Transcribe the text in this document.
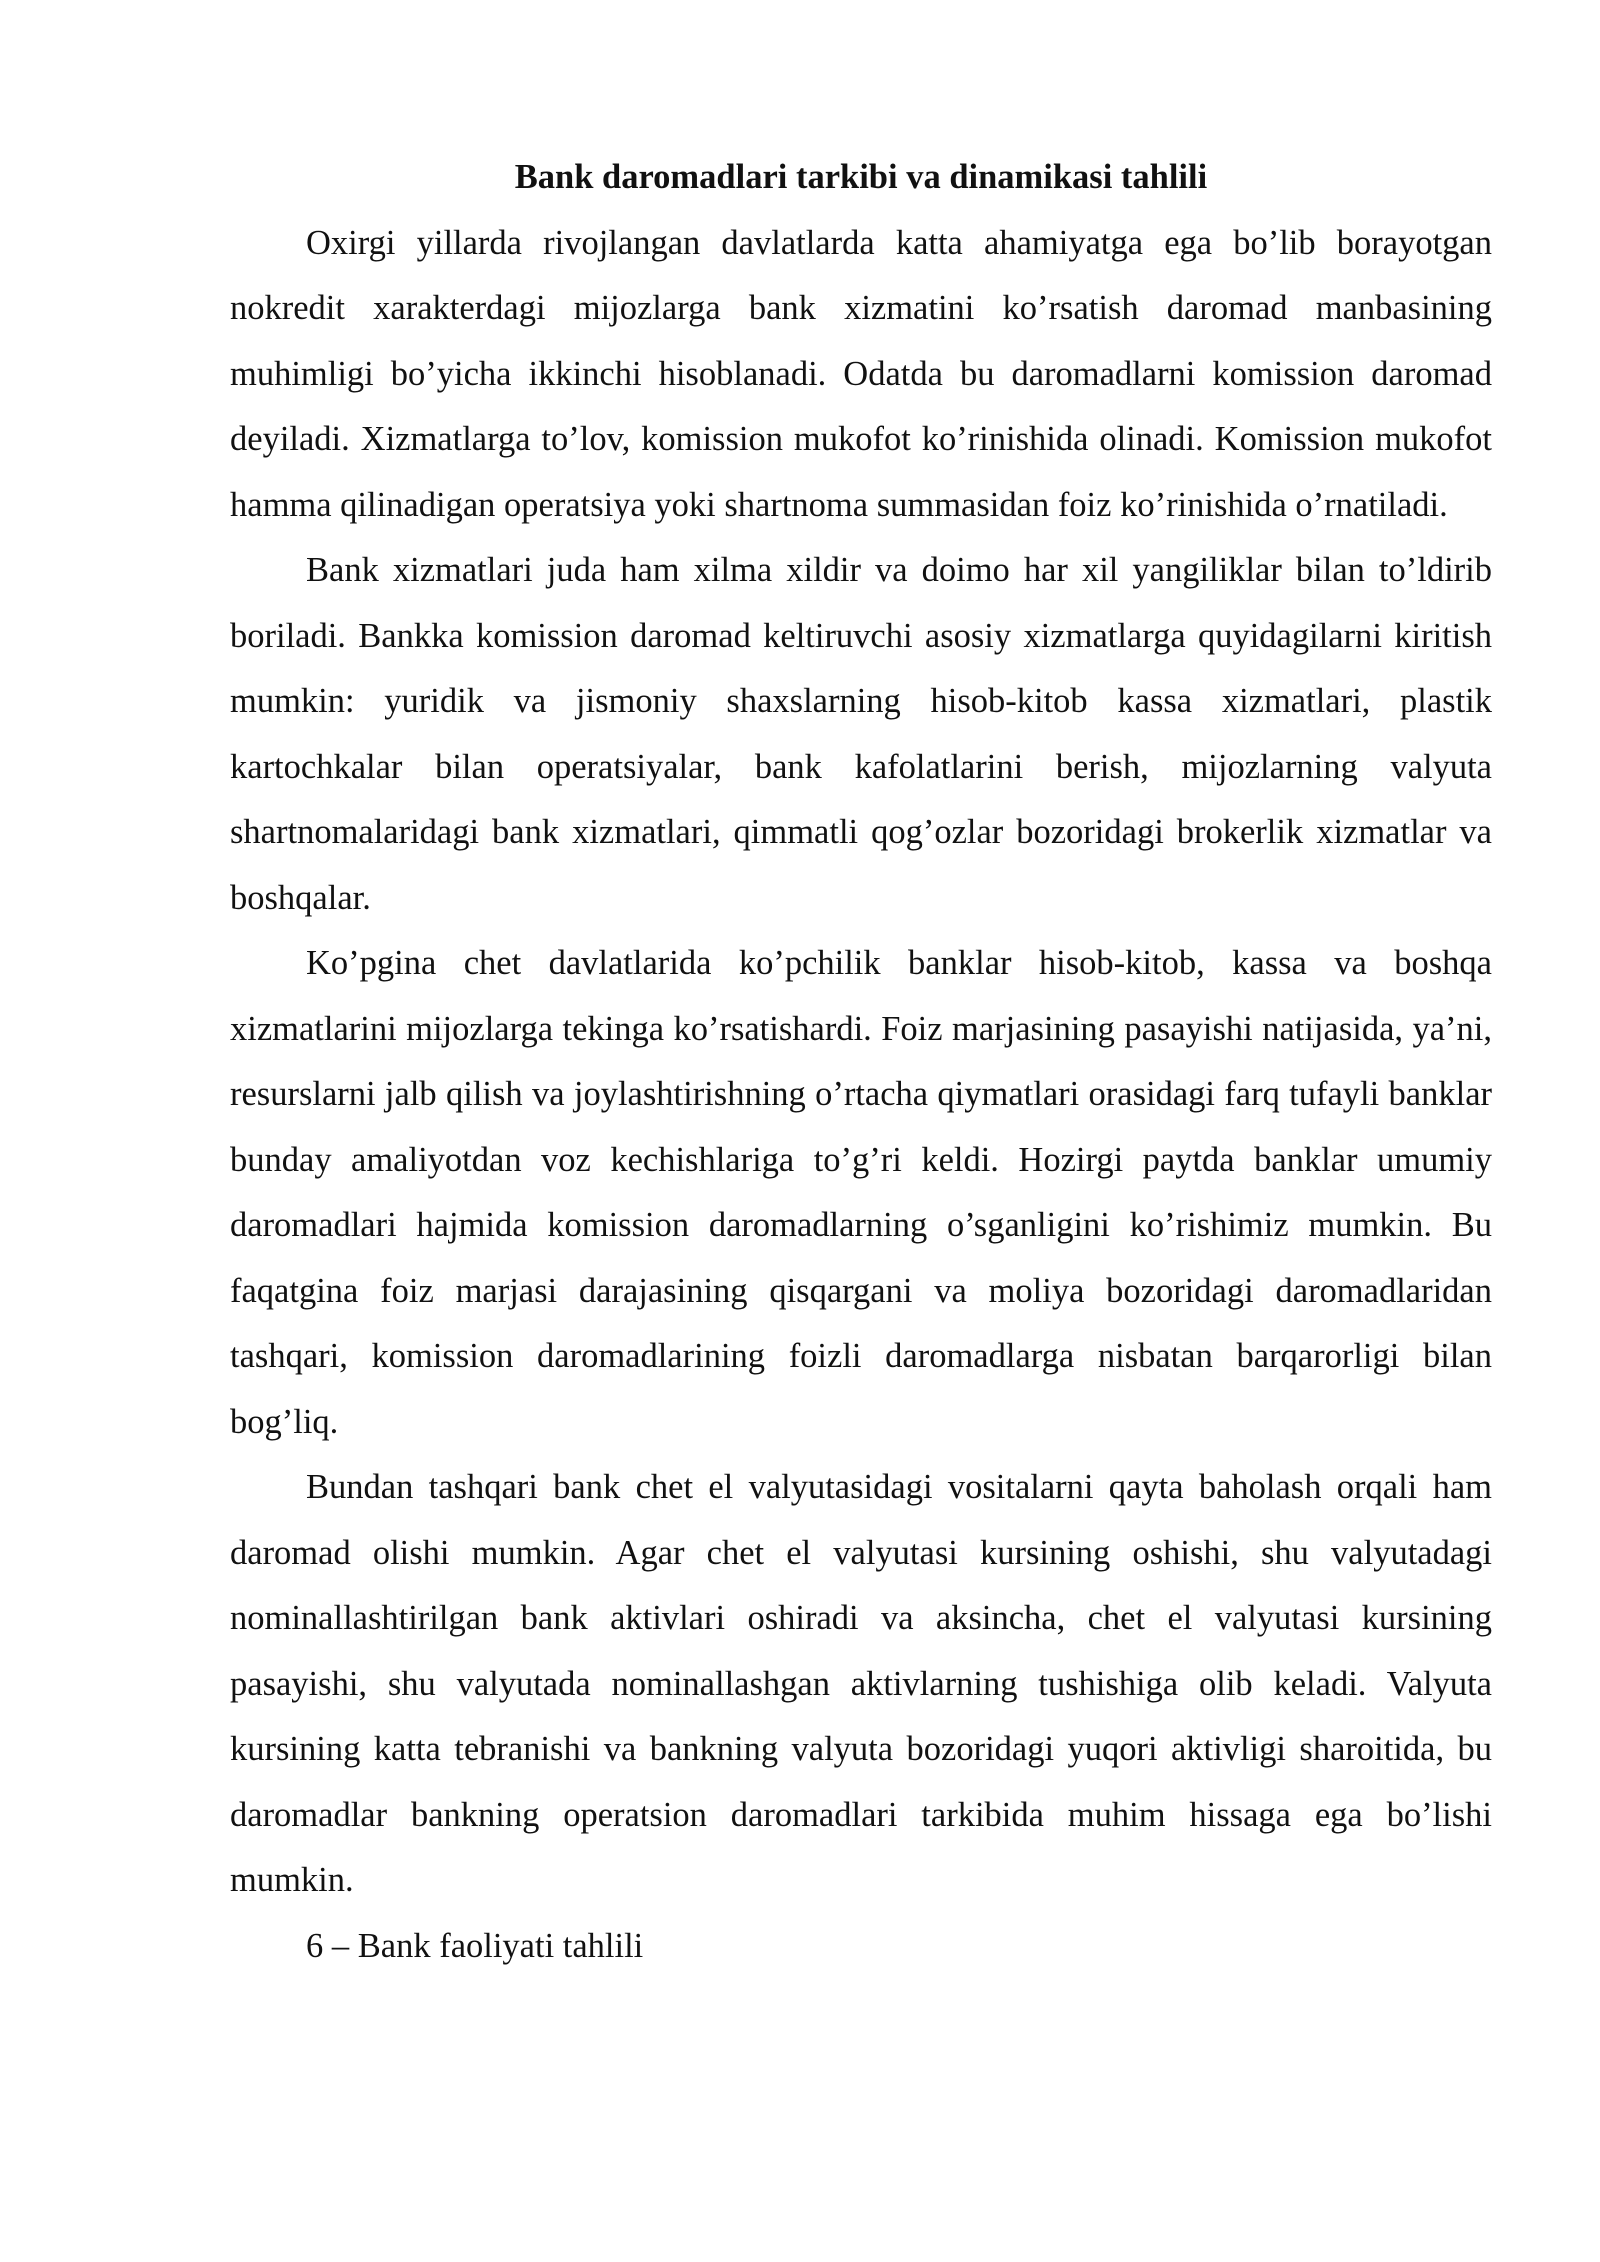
Bank daromadlari tarkibi va dinamikasi tahlili

Oxirgi yillarda rivojlangan davlatlarda katta ahamiyatga ega bo’lib borayotgan nokredit xarakterdagi mijozlarga bank xizmatini ko’rsatish daromad manbasining muhimligi bo’yicha ikkinchi hisoblanadi. Odatda bu daromadlarni komission daromad deyiladi. Xizmatlarga to’lov, komission mukofot ko’rinishida olinadi. Komission mukofot hamma qilinadigan operatsiya yoki shartnoma summasidan foiz ko’rinishida o’rnatiladi.

Bank xizmatlari juda ham xilma xildir va doimo har xil yangiliklar bilan to’ldirib boriladi. Bankka komission daromad keltiruvchi asosiy xizmatlarga quyidagilarni kiritish mumkin: yuridik va jismoniy shaxslarning hisob-kitob kassa xizmatlari, plastik kartochkalar bilan operatsiyalar, bank kafolatlarini berish, mijozlarning valyuta shartnomalaridagi bank xizmatlari, qimmatli qog’ozlar bozoridagi brokerlik xizmatlar va boshqalar.

Ko’pgina chet davlatlarida ko’pchilik banklar hisob-kitob, kassa va boshqa xizmatlarini mijozlarga tekinga ko’rsatishardi. Foiz marjasining pasayishi natijasida, ya’ni, resurslarni jalb qilish va joylashtirishning o’rtacha qiymatlari orasidagi farq tufayli banklar bunday amaliyotdan voz kechishlariga to’g’ri keldi. Hozirgi paytda banklar umumiy daromadlari hajmida komission daromadlarning o’sganligini ko’rishimiz mumkin. Bu faqatgina foiz marjasi darajasining qisqargani va moliya bozoridagi daromadlaridan tashqari, komission daromadlarining foizli daromadlarga nisbatan barqarorligi bilan bog’liq.

Bundan tashqari bank chet el valyutasidagi vositalarni qayta baholash orqali ham daromad olishi mumkin. Agar chet el valyutasi kursining oshishi, shu valyutadagi nominallashtirilgan bank aktivlari oshiradi va aksincha, chet el valyutasi kursining pasayishi, shu valyutada nominallashgan aktivlarning tushishiga olib keladi. Valyuta kursining katta tebranishi va bankning valyuta bozoridagi yuqori aktivligi sharoitida, bu daromadlar bankning operatsion daromadlari tarkibida muhim hissaga ega bo’lishi mumkin.

6 – Bank faoliyati tahlili
